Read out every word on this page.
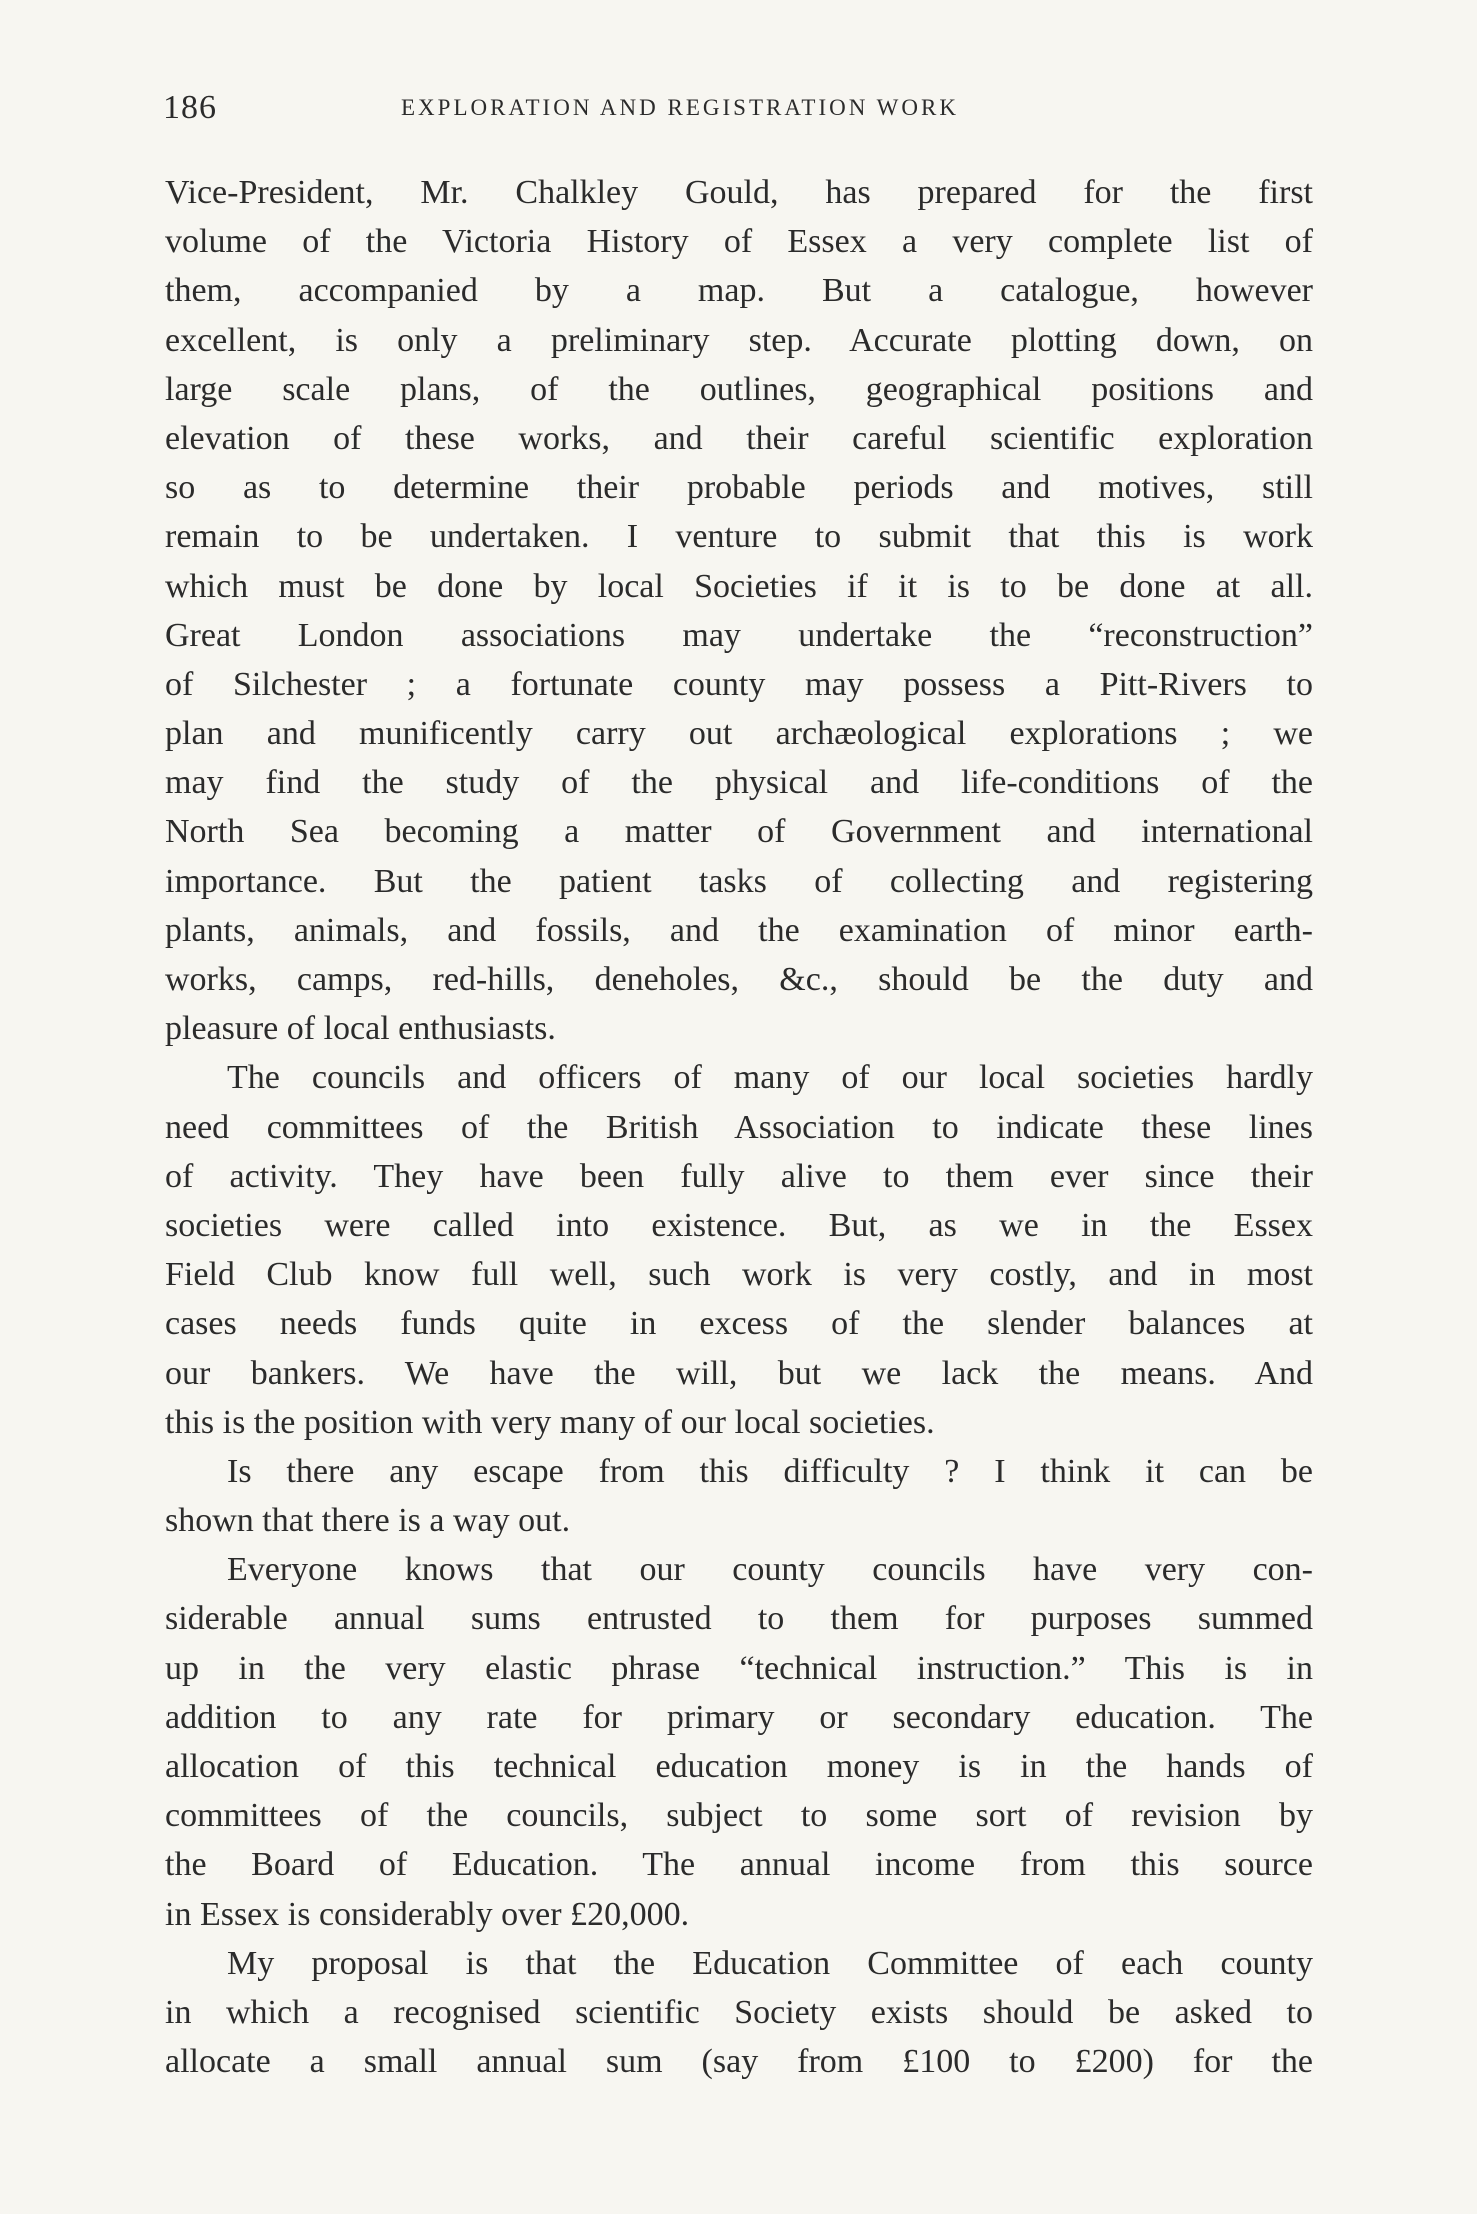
186	EXPLORATION AND REGISTRATION WORK
Vice-President, Mr. Chalkley Gould, has prepared for the first
volume of the Victoria History of Essex a very complete list of
them, accompanied by a map. But a catalogue, however
excellent, is only a preliminary step. Accurate plotting down, on
large scale plans, of the outlines, geographical positions and
elevation of these works, and their careful scientific exploration
so as to determine their probable periods and motives, still
remain to be undertaken. I venture to submit that this is work
which must be done by local Societies if it is to be done at all.
Great London associations may undertake the “reconstruction”
of Silchester ; a fortunate county may possess a Pitt-Rivers to
plan and munificently carry out archæological explorations ; we
may find the study of the physical and life-conditions of the
North Sea becoming a matter of Government and international
importance. But the patient tasks of collecting and registering
plants, animals, and fossils, and the examination of minor earth-
works, camps, red-hills, deneholes, &c., should be the duty and
pleasure of local enthusiasts.
The councils and officers of many of our local societies hardly
need committees of the British Association to indicate these lines
of activity. They have been fully alive to them ever since their
societies were called into existence. But, as we in the Essex
Field Club know full well, such work is very costly, and in most
cases needs funds quite in excess of the slender balances at
our bankers. We have the will, but we lack the means. And
this is the position with very many of our local societies.
Is there any escape from this difficulty ? I think it can be
shown that there is a way out.
Everyone knows that our county councils have very con-
siderable annual sums entrusted to them for purposes summed
up in the very elastic phrase “technical instruction.” This is in
addition to any rate for primary or secondary education. The
allocation of this technical education money is in the hands of
committees of the councils, subject to some sort of revision by
the Board of Education. The annual income from this source
in Essex is considerably over £20,000.
My proposal is that the Education Committee of each county
in which a recognised scientific Society exists should be asked to
allocate a small annual sum (say from £100 to £200) for the
